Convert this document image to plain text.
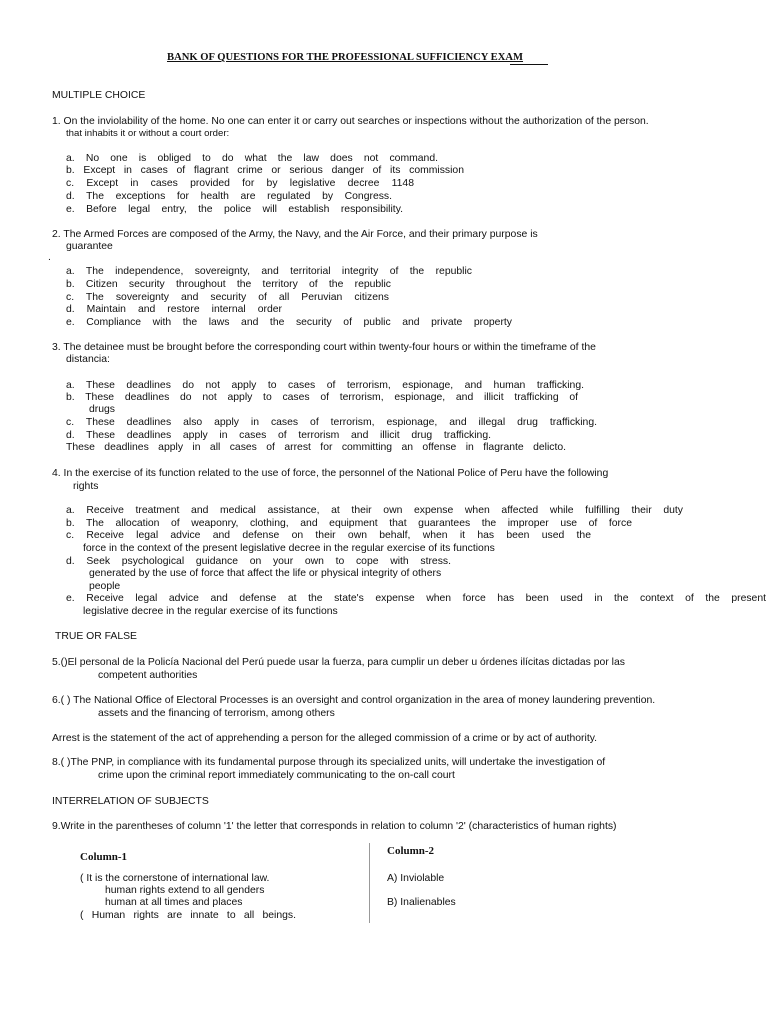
BANK OF QUESTIONS FOR THE PROFESSIONAL SUFFICIENCY EXAM
MULTIPLE CHOICE
1. On the inviolability of the home. No one can enter it or carry out searches or inspections without the authorization of the person.
that inhabits it or without a court order:
a. No one is obliged to do what the law does not command.
b. Except in cases of flagrant crime or serious danger of its commission
c. Except in cases provided for by legislative decree 1148
d. The exceptions for health are regulated by Congress.
e. Before legal entry, the police will establish responsibility.
2. The Armed Forces are composed of the Army, the Navy, and the Air Force, and their primary purpose is
guarantee
.
a. The independence, sovereignty, and territorial integrity of the republic
b. Citizen security throughout the territory of the republic
c. The sovereignty and security of all Peruvian citizens
d. Maintain and restore internal order
e. Compliance with the laws and the security of public and private property
3. The detainee must be brought before the corresponding court within twenty-four hours or within the timeframe of the
distancia:
a. These deadlines do not apply to cases of terrorism, espionage, and human trafficking.
b. These deadlines do not apply to cases of terrorism, espionage, and illicit trafficking of
drugs
c. These deadlines also apply in cases of terrorism, espionage, and illegal drug trafficking.
d. These deadlines apply in cases of terrorism and illicit drug trafficking.
These deadlines apply in all cases of arrest for committing an offense in flagrante delicto.
4. In the exercise of its function related to the use of force, the personnel of the National Police of Peru have the following
rights
a. Receive treatment and medical assistance, at their own expense when affected while fulfilling their duty
b. The allocation of weaponry, clothing, and equipment that guarantees the improper use of force
c. Receive legal advice and defense on their own behalf, when it has been used the
force in the context of the present legislative decree in the regular exercise of its functions
d. Seek psychological guidance on your own to cope with stress.
generated by the use of force that affect the life or physical integrity of others
people
e. Receive legal advice and defense at the state's expense when force has been used in the context of the present
legislative decree in the regular exercise of its functions
TRUE OR FALSE
5.()El personal de la Policía Nacional del Perú puede usar la fuerza, para cumplir un deber u órdenes ilícitas dictadas por las
competent authorities
6.( ) The National Office of Electoral Processes is an oversight and control organization in the area of money laundering prevention.
assets and the financing of terrorism, among others
Arrest is the statement of the act of apprehending a person for the alleged commission of a crime or by act of authority.
8.( )The PNP, in compliance with its fundamental purpose through its specialized units, will undertake the investigation of
crime upon the criminal report immediately communicating to the on-call court
INTERRELATION OF SUBJECTS
9.Write in the parentheses of column '1' the letter that corresponds in relation to column '2' (characteristics of human rights)
Column-1	Column-2
( It is the cornerstone of international law.
human rights extend to all genders
human at all times and places
( Human rights are innate to all beings.
A) Inviolable
B) Inalienables
